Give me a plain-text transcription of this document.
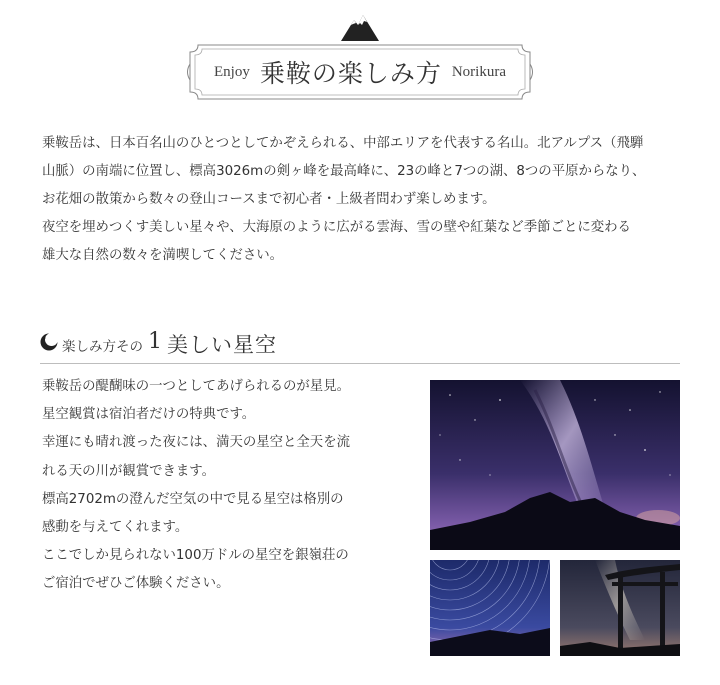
Enjoy 乗鞍の楽しみ方 Norikura

乗鞍岳は、日本百名山のひとつとしてかぞえられる、中部エリアを代表する名山。北アルプス（飛騨

山脈）の南端に位置し、標高3026mの剣ヶ峰を最高峰に、23の峰と7つの湖、8つの平原からなり、

お花畑の散策から数々の登山コースまで初心者・上級者問わず楽しめます。

夜空を埋めつくす美しい星々や、大海原のように広がる雲海、雪の壁や紅葉など季節ごとに変わる

雄大な自然の数々を満喫してください。

楽しみ方その 1 美しい星空

乗鞍岳の醍醐味の一つとしてあげられるのが星見。

星空観賞は宿泊者だけの特典です。

幸運にも晴れ渡った夜には、満天の星空と全天を流

れる天の川が観賞できます。

標高2702mの澄んだ空気の中で見る星空は格別の

感動を与えてくれます。

ここでしか見られない100万ドルの星空を銀嶺荘の

ご宿泊でぜひご体験ください。
